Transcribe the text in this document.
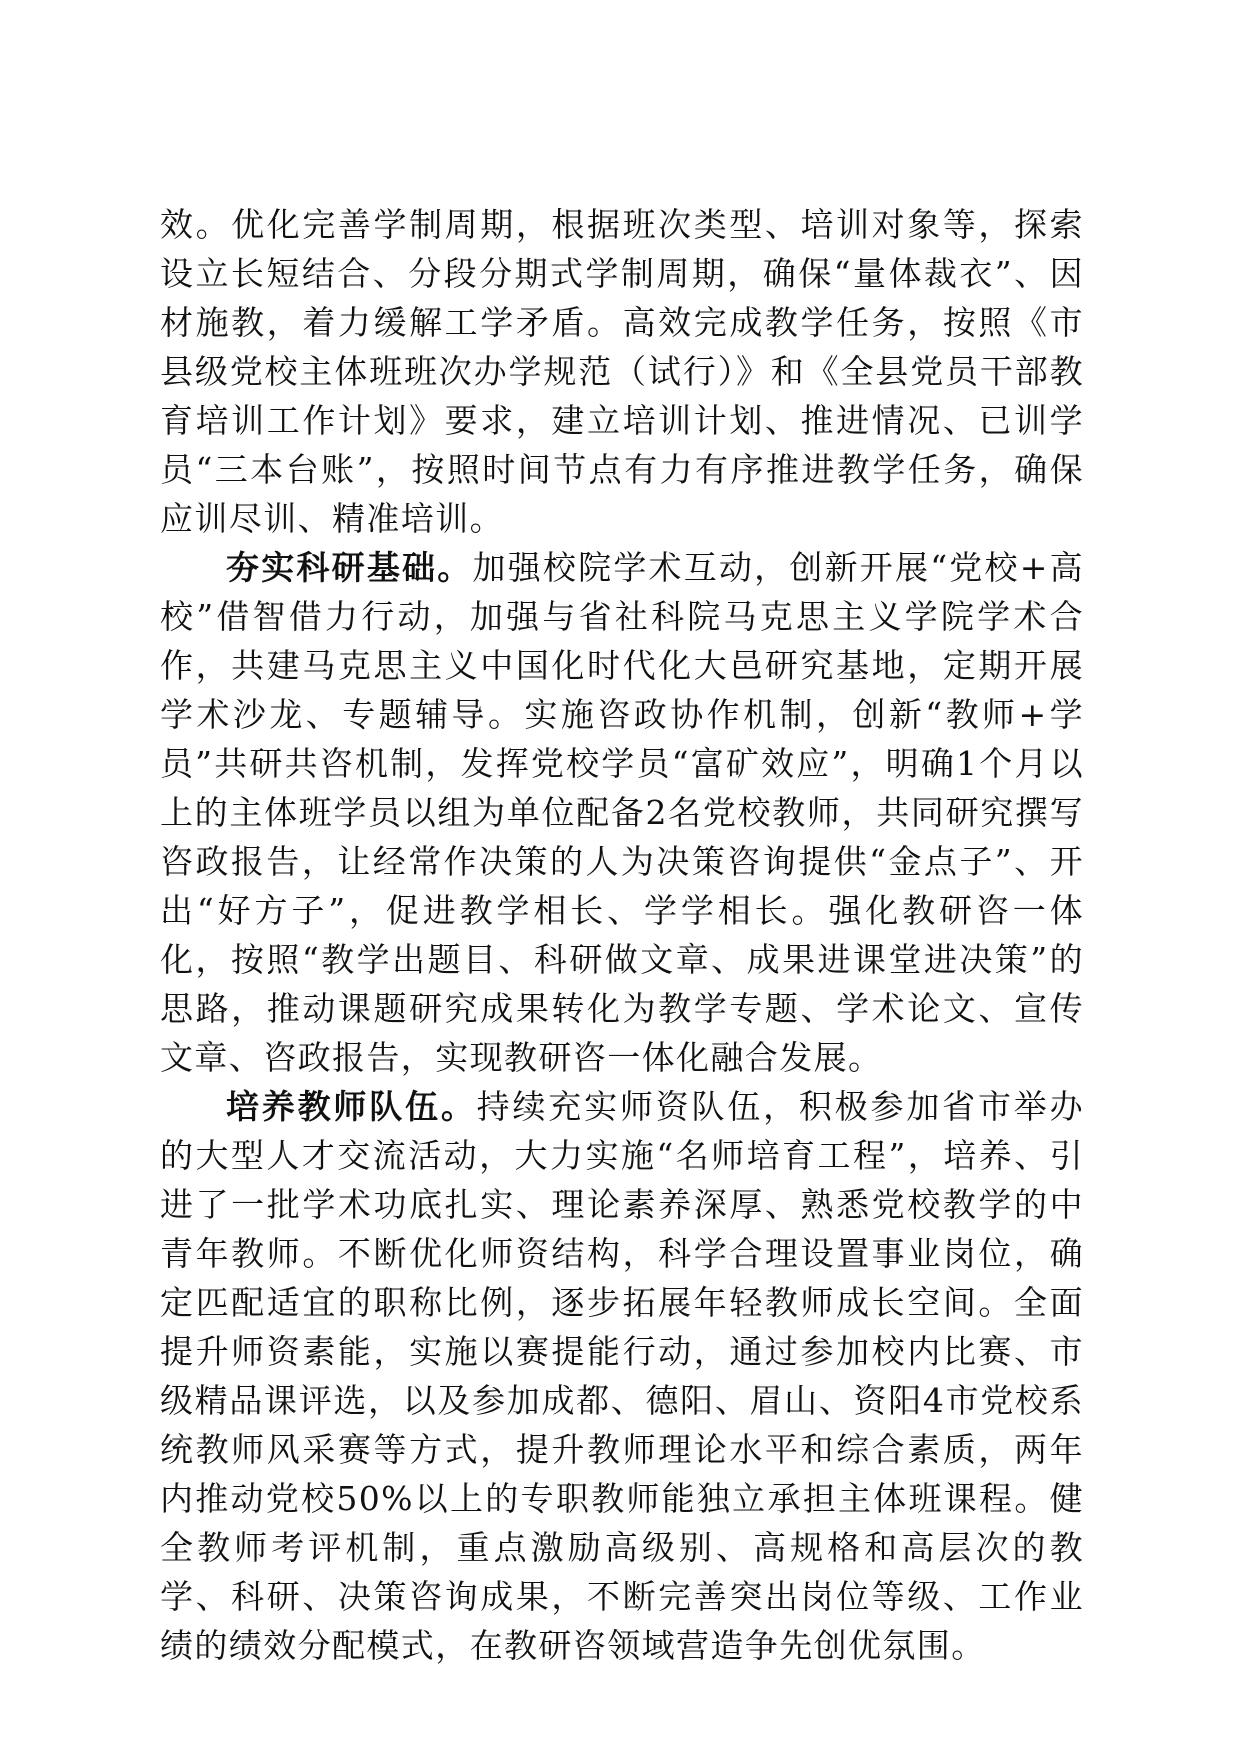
效。优化完善学制周期，根据班次类型、培训对象等，探索设立长短结合、分段分期式学制周期，确保“量体裁衣”、因材施教，着力缓解工学矛盾。高效完成教学任务，按照《市县级党校主体班班次办学规范（试行）》和《全县党员干部教育培训工作计划》要求，建立培训计划、推进情况、已训学员“三本台账”，按照时间节点有力有序推进教学任务，确保应训尽训、精准培训。

夯实科研基础。加强校院学术互动，创新开展“党校+高校”借智借力行动，加强与省社科院马克思主义学院学术合作，共建马克思主义中国化时代化大邑研究基地，定期开展学术沙龙、专题辅导。实施咨政协作机制，创新“教师+学员”共研共咨机制，发挥党校学员“富矿效应”，明确1个月以上的主体班学员以组为单位配备2名党校教师，共同研究撰写咨政报告，让经常作决策的人为决策咨询提供“金点子”、开出“好方子”，促进教学相长、学学相长。强化教研咨一体化，按照“教学出题目、科研做文章、成果进课堂进决策”的思路，推动课题研究成果转化为教学专题、学术论文、宣传文章、咨政报告，实现教研咨一体化融合发展。

培养教师队伍。持续充实师资队伍，积极参加省市举办的大型人才交流活动，大力实施“名师培育工程”，培养、引进了一批学术功底扎实、理论素养深厚、熟悉党校教学的中青年教师。不断优化师资结构，科学合理设置事业岗位，确定匹配适宜的职称比例，逐步拓展年轻教师成长空间。全面提升师资素能，实施以赛提能行动，通过参加校内比赛、市级精品课评选，以及参加成都、德阳、眉山、资阳4市党校系统教师风采赛等方式，提升教师理论水平和综合素质，两年内推动党校50%以上的专职教师能独立承担主体班课程。健全教师考评机制，重点激励高级别、高规格和高层次的教学、科研、决策咨询成果，不断完善突出岗位等级、工作业绩的绩效分配模式，在教研咨领域营造争先创优氛围。
